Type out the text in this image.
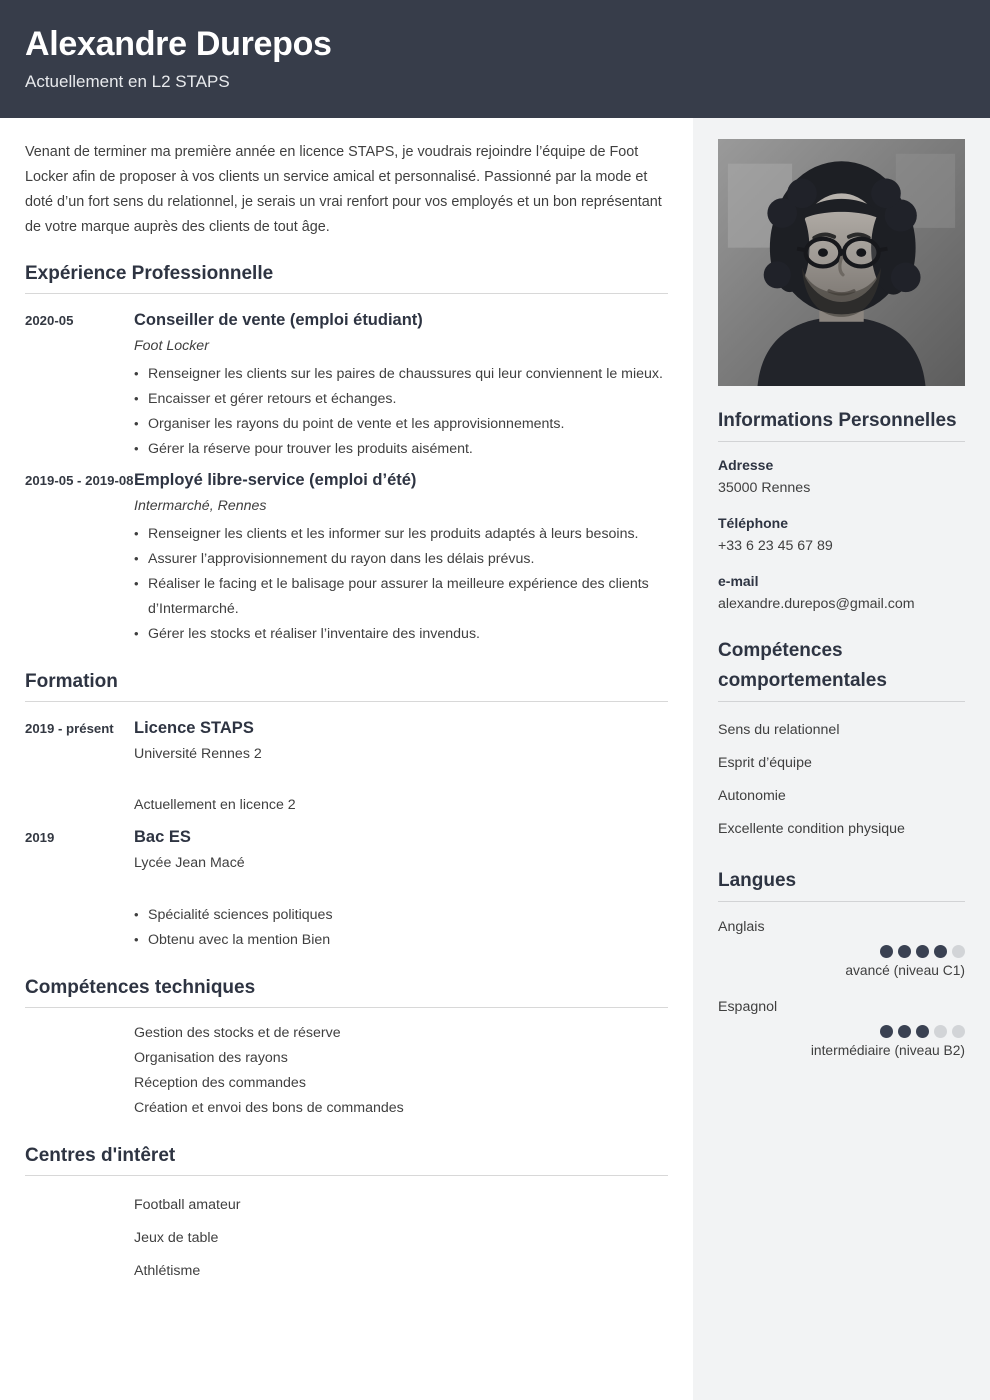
Alexandre Durepos
Actuellement en L2 STAPS
Venant de terminer ma première année en licence STAPS, je voudrais rejoindre l’équipe de Foot Locker afin de proposer à vos clients un service amical et personnalisé. Passionné par la mode et doté d’un fort sens du relationnel, je serais un vrai renfort pour vos employés et un bon représentant de votre marque auprès des clients de tout âge.
Expérience Professionnelle
2020-05	Conseiller de vente (emploi étudiant)
Foot Locker
• Renseigner les clients sur les paires de chaussures qui leur conviennent le mieux.
• Encaisser et gérer retours et échanges.
• Organiser les rayons du point de vente et les approvisionnements.
• Gérer la réserve pour trouver les produits aisément.
2019-05 - 2019-08 Employé libre-service (emploi d’été)
Intermarché, Rennes
• Renseigner les clients et les informer sur les produits adaptés à leurs besoins.
• Assurer l’approvisionnement du rayon dans les délais prévus.
• Réaliser le facing et le balisage pour assurer la meilleure expérience des clients d’Intermarché.
• Gérer les stocks et réaliser l’inventaire des invendus.
Formation
2019 - présent	Licence STAPS
Université Rennes 2
Actuellement en licence 2
2019	Bac ES
Lycée Jean Macé
• Spécialité sciences politiques
• Obtenu avec la mention Bien
Compétences techniques
Gestion des stocks et de réserve
Organisation des rayons
Réception des commandes
Création et envoi des bons de commandes
Centres d'intêret
Football amateur
Jeux de table
Athlétisme
Informations Personnelles
Adresse
35000 Rennes
Téléphone
+33 6 23 45 67 89
e-mail
alexandre.durepos@gmail.com
Compétences comportementales
Sens du relationnel
Esprit d’équipe
Autonomie
Excellente condition physique
Langues
Anglais
avancé (niveau C1)
Espagnol
intermédiaire (niveau B2)
